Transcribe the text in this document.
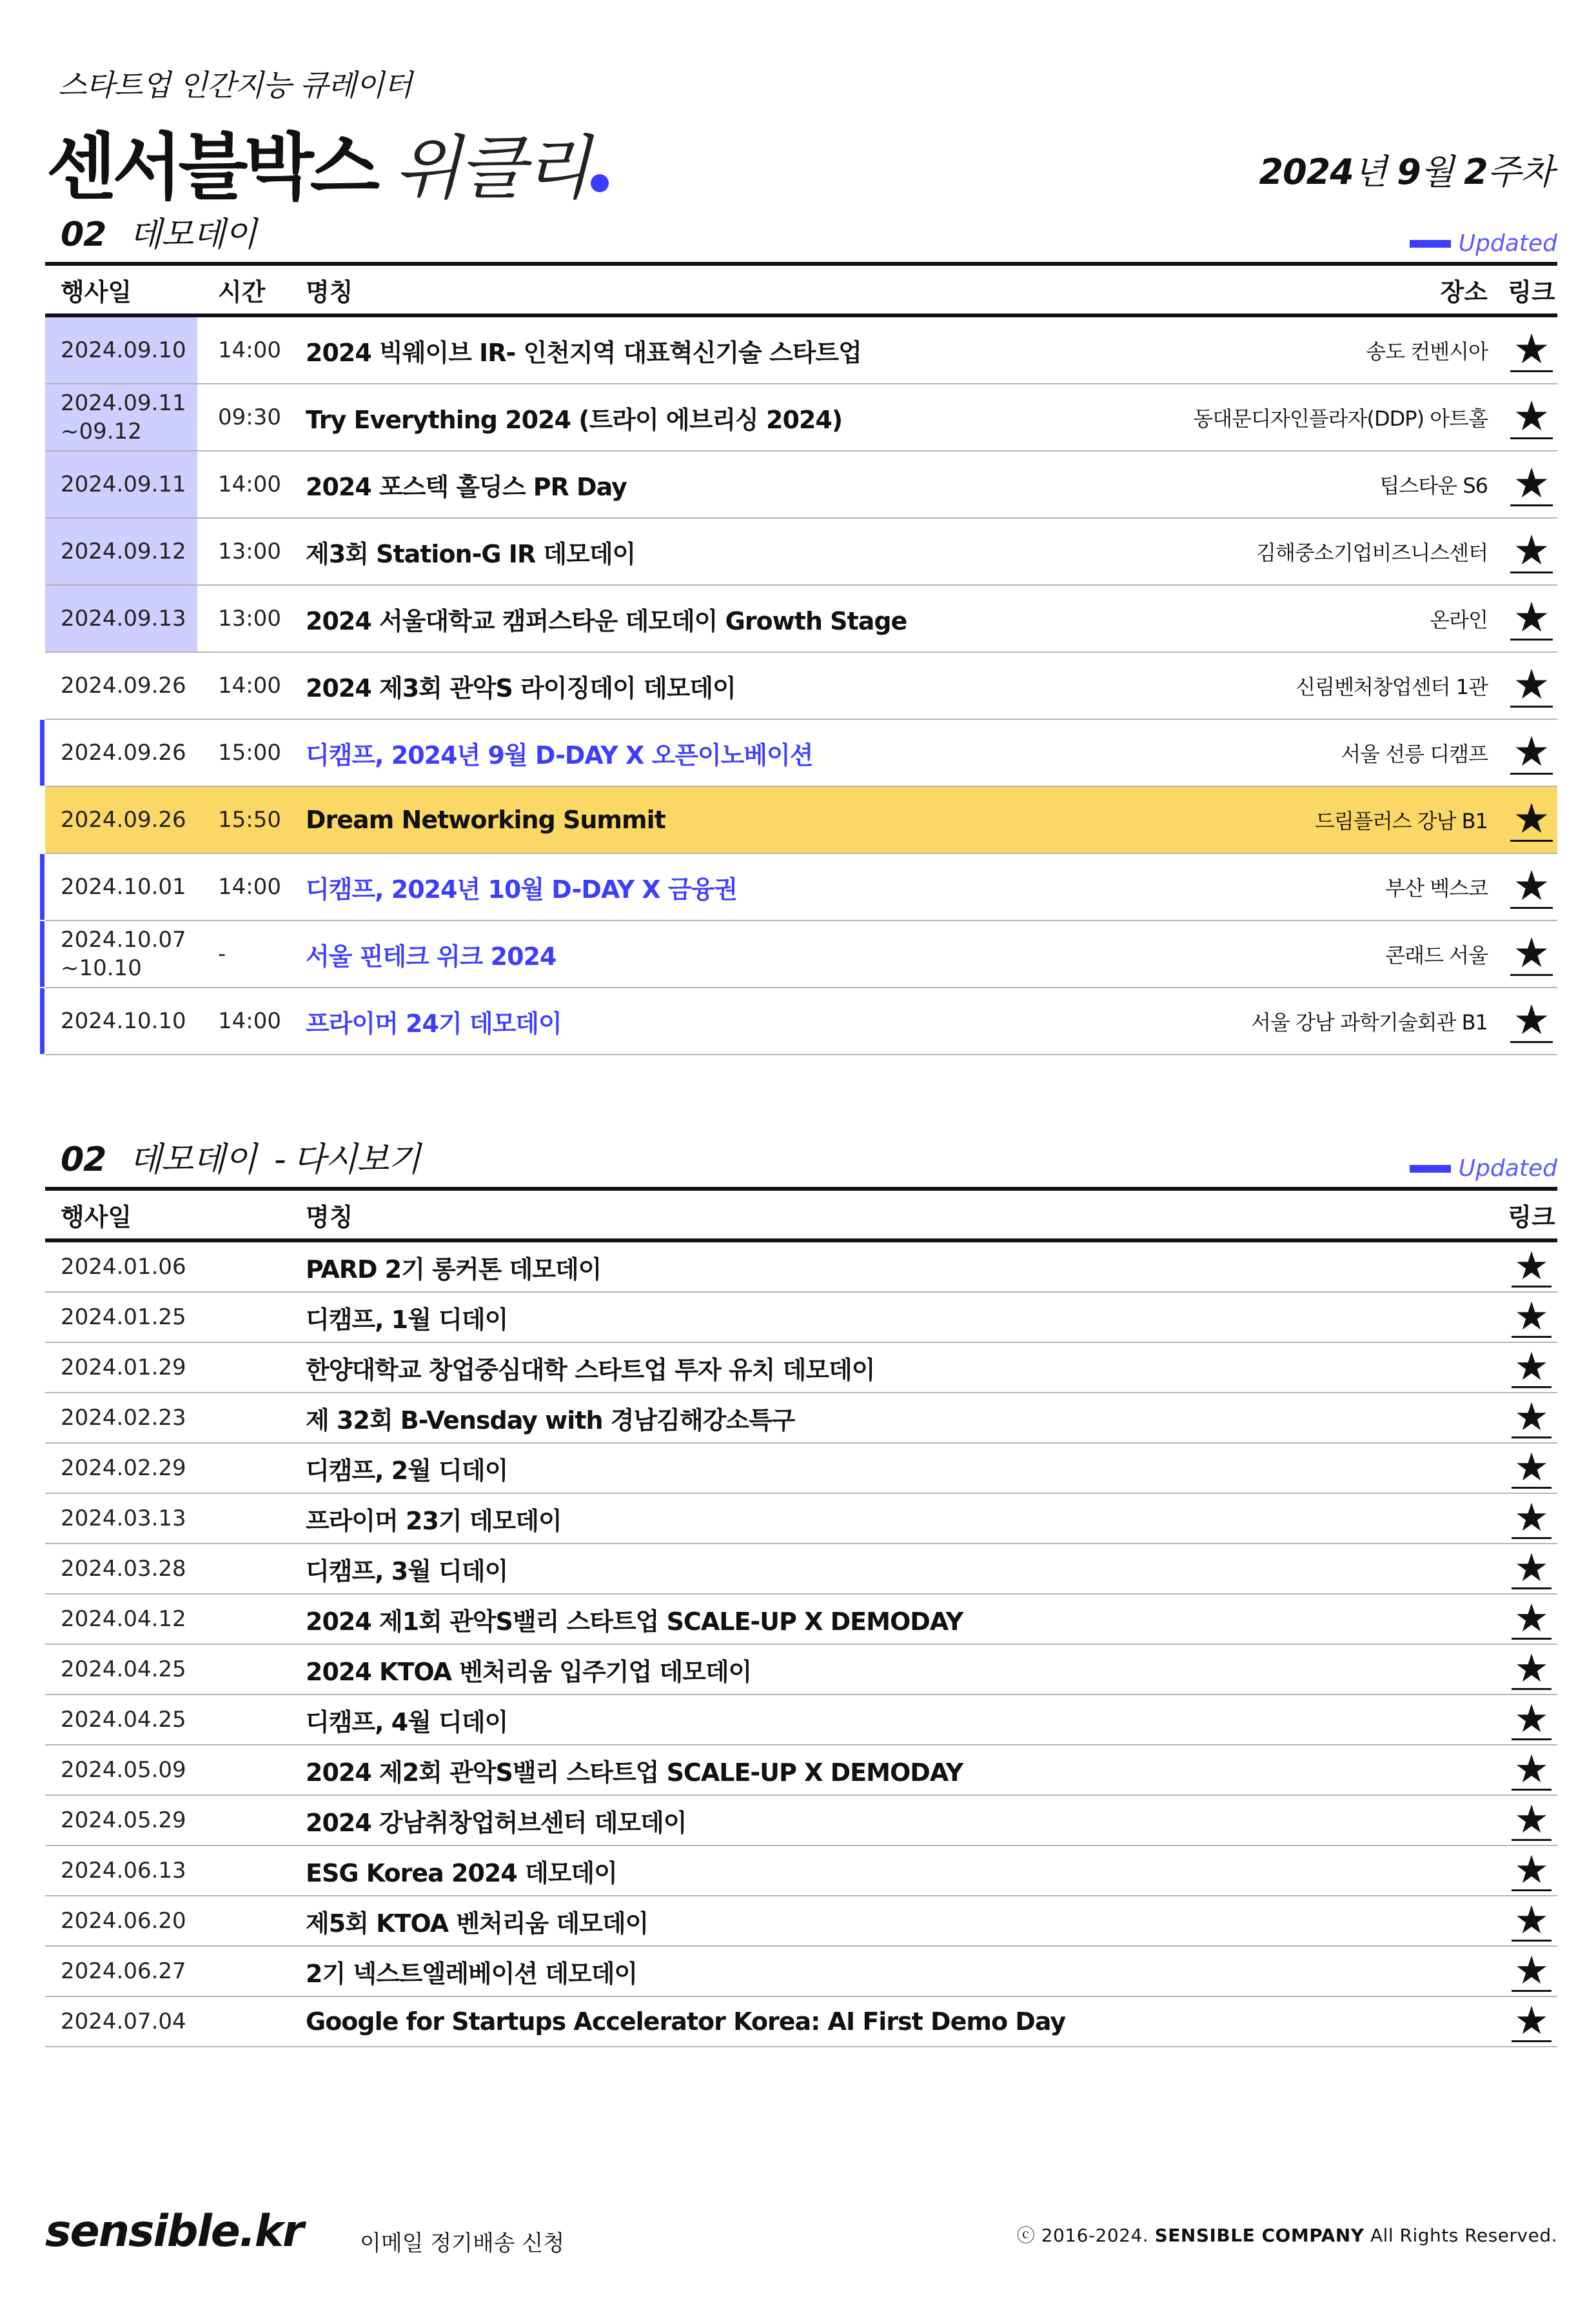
스타트업 인간지능 큐레이터
센서블박스 위클리	2024년 9월 2주차
02 데모데이	Updated
행사일	시간	명칭	장소 링크
2024.09.10	14:00	2024 빅웨이브 IR- 인천지역 대표혁신기술 스타트업	송도 컨벤시아 ★
2024.09.11
~09.12
09:30	Try Everything 2024 (트라이 에브리싱 2024)	동대문디자인플라자(DDP) 아트홀 ★
2024.09.11	14:00	2024 포스텍 홀딩스 PR Day	팁스타운 S6 ★
2024.09.12	13:00	제3회 Station-G IR 데모데이	김해중소기업비즈니스센터 ★
2024.09.13	13:00	2024 서울대학교 캠퍼스타운 데모데이 Growth Stage	온라인 ★
2024.09.26	14:00	2024 제3회 관악S 라이징데이 데모데이	신림벤처창업센터 1관 ★
2024.09.26	15:00	디캠프, 2024년 9월 D-DAY X 오픈이노베이션	서울 선릉 디캠프 ★
2024.09.26	15:50	Dream Networking Summit	드림플러스 강남 B1 ★
2024.10.01	14:00	디캠프, 2024년 10월 D-DAY X 금융권	부산 벡스코 ★
2024.10.07
~10.10
-	서울 핀테크 위크 2024	콘래드 서울 ★
2024.10.10	14:00	프라이머 24기 데모데이	서울 강남 과학기술회관 B1 ★
02 데모데이 - 다시보기	Updated
행사일	명칭	링크
2024.01.06	PARD 2기 롱커톤 데모데이	★
2024.01.25	디캠프, 1월 디데이	★
2024.01.29	한양대학교 창업중심대학 스타트업 투자 유치 데모데이	★
2024.02.23	제 32회 B-Vensday with 경남김해강소특구	★
2024.02.29	디캠프, 2월 디데이	★
2024.03.13	프라이머 23기 데모데이	★
2024.03.28	디캠프, 3월 디데이	★
2024.04.12	2024 제1회 관악S밸리 스타트업 SCALE-UP X DEMODAY	★
2024.04.25	2024 KTOA 벤처리움 입주기업 데모데이	★
2024.04.25	디캠프, 4월 디데이	★
2024.05.09	2024 제2회 관악S밸리 스타트업 SCALE-UP X DEMODAY	★
2024.05.29	2024 강남취창업허브센터 데모데이	★
2024.06.13	ESG Korea 2024 데모데이	★
2024.06.20	제5회 KTOA 벤처리움 데모데이	★
2024.06.27	2기 넥스트엘레베이션 데모데이	★
2024.07.04	Google for Startups Accelerator Korea: AI First Demo Day	★
sensible.kr	이메일 정기배송 신청	ⓒ 2016-2024. SENSIBLE COMPANY All Rights Reserved.
